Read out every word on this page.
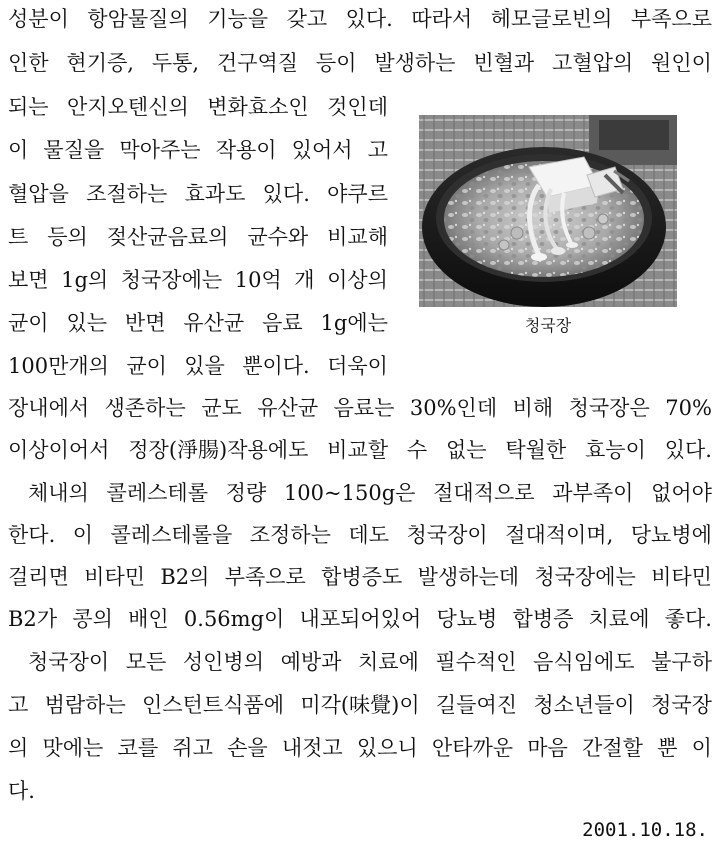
성분이 항암물질의 기능을 갖고 있다. 따라서 헤모글로빈의 부족으로
인한 현기증, 두통, 건구역질 등이 발생하는 빈혈과 고혈압의 원인이
되는 안지오텐신의 변화효소인 것인데
이 물질을 막아주는 작용이 있어서 고
혈압을 조절하는 효과도 있다. 야쿠르
트 등의 젖산균음료의 균수와 비교해
보면 1g의 청국장에는 10억 개 이상의
균이 있는 반면 유산균 음료 1g에는
100만개의 균이 있을 뿐이다. 더욱이
장내에서 생존하는 균도 유산균 음료는 30%인데 비해 청국장은 70%
이상이어서 정장(淨腸)작용에도 비교할 수 없는 탁월한 효능이 있다.
체내의 콜레스테롤 정량 100~150g은 절대적으로 과부족이 없어야
한다. 이 콜레스테롤을 조정하는 데도 청국장이 절대적이며, 당뇨병에
걸리면 비타민 B2의 부족으로 합병증도 발생하는데 청국장에는 비타민
B2가 콩의 배인 0.56mg이 내포되어있어 당뇨병 합병증 치료에 좋다.
청국장이 모든 성인병의 예방과 치료에 필수적인 음식임에도 불구하
고 범람하는 인스턴트식품에 미각(味覺)이 길들여진 청소년들이 청국장
의 맛에는 코를 쥐고 손을 내젓고 있으니 안타까운 마음 간절할 뿐 이
다.
청국장
2001.10.18.
